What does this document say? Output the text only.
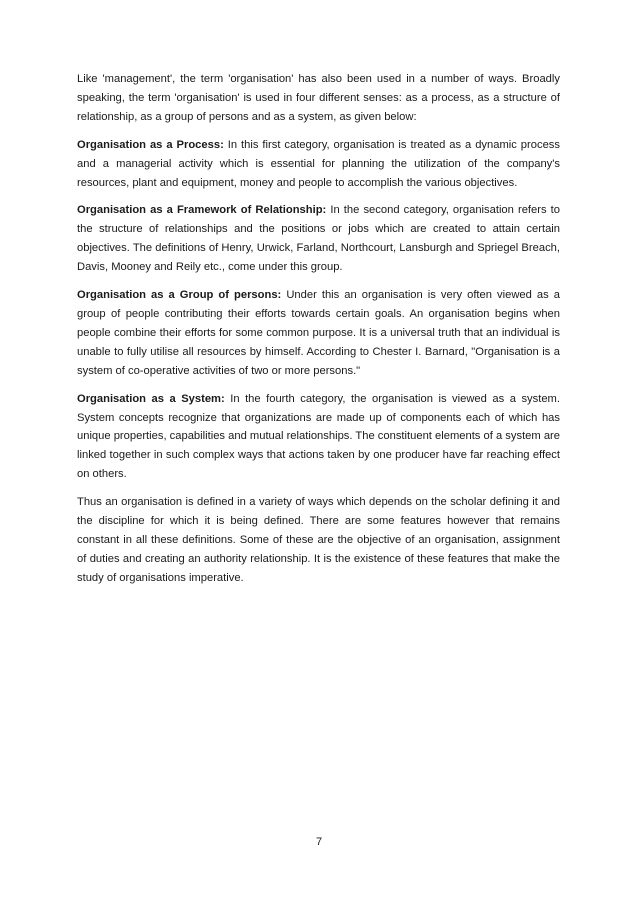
Like 'management', the term 'organisation' has also been used in a number of ways. Broadly speaking, the term 'organisation' is used in four different senses: as a process, as a structure of relationship, as a group of persons and as a system, as given below:

Organisation as a Process: In this first category, organisation is treated as a dynamic process and a managerial activity which is essential for planning the utilization of the company's resources, plant and equipment, money and people to accomplish the various objectives.

Organisation as a Framework of Relationship: In the second category, organisation refers to the structure of relationships and the positions or jobs which are created to attain certain objectives. The definitions of Henry, Urwick, Farland, Northcourt, Lansburgh and Spriegel Breach, Davis, Mooney and Reily etc., come under this group.

Organisation as a Group of persons: Under this an organisation is very often viewed as a group of people contributing their efforts towards certain goals. An organisation begins when people combine their efforts for some common purpose. It is a universal truth that an individual is unable to fully utilise all resources by himself. According to Chester I. Barnard, "Organisation is a system of co-operative activities of two or more persons."

Organisation as a System: In the fourth category, the organisation is viewed as a system. System concepts recognize that organizations are made up of components each of which has unique properties, capabilities and mutual relationships. The constituent elements of a system are linked together in such complex ways that actions taken by one producer have far reaching effect on others.

Thus an organisation is defined in a variety of ways which depends on the scholar defining it and the discipline for which it is being defined. There are some features however that remains constant in all these definitions. Some of these are the objective of an organisation, assignment of duties and creating an authority relationship. It is the existence of these features that make the study of organisations imperative.

7
